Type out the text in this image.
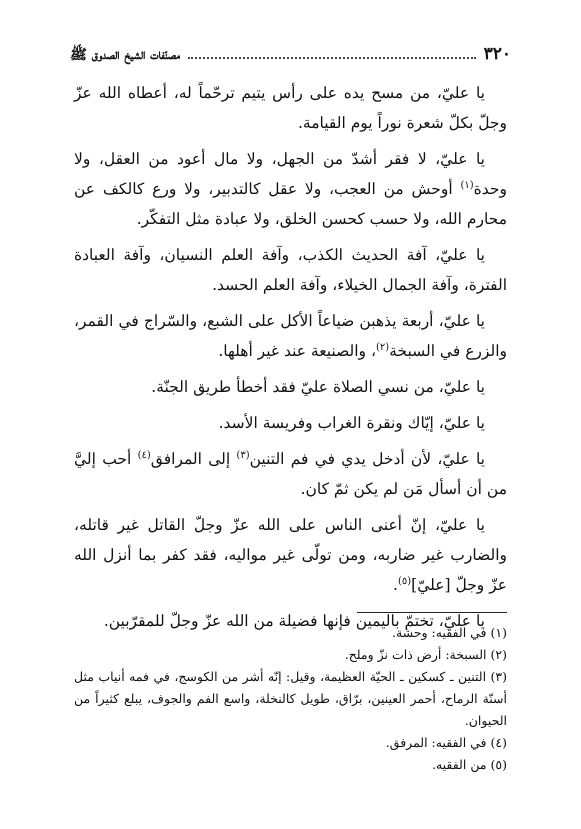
٣٢٠
مصنّفات الشيخ الصدوق ﷺ

يا عليّ، من مسح يده على رأس يتيم ترحّماً له، أعطاه الله عزّ وجلّ بكلّ شعرة نوراً يوم القيامة.

يا عليّ، لا فقر أشدّ من الجهل، ولا مال أعود من العقل، ولا وحدة$^{(١)}$ أوحش من العجب، ولا عقل كالتدبير، ولا ورع كالكف عن محارم الله، ولا حسب كحسن الخلق، ولا عبادة مثل التفكّر.

يا عليّ، آفة الحديث الكذب، وآفة العلم النسيان، وآفة العبادة الفترة، وآفة الجمال الخيلاء، وآفة العلم الحسد.

يا عليّ، أربعة يذهبن ضياعاً الأكل على الشبع، والسّراج في القمر، والزرع في السبخة$^{(٢)}$، والصنيعة عند غير أهلها.

يا عليّ، من نسي الصلاة عليّ فقد أخطأ طريق الجنّة.

يا عليّ، إيّاك ونقرة الغراب وفريسة الأسد.

يا عليّ، لأن أدخل يدي في فم التنين$^{(٣)}$ إلى المرافق$^{(٤)}$ أحب إليَّ من أن أسأل مَن لم يكن ثمّ كان.

يا عليّ، إنّ أعنى الناس على الله عزّ وجلّ القاتل غير قاتله، والضارب غير ضاربه، ومن تولّى غير مواليه، فقد كفر بما أنزل الله عزّ وجلّ [عليّ]$^{(٥)}$.

يا عليّ، تختمّ باليمين فإنها فضيلة من الله عزّ وجلّ للمقرّبين.

(١) في الفقيه: وحشة.

(٢) السبخة: أرض ذات نزّ وملح.

(٣) التنين ـ كسكين ـ الحيّة العظيمة، وقيل: إنّه أشر من الكوسج، في فمه أنياب مثل أسنّة الرماح، أحمر العينين، برّاق، طويل كالنخلة، واسع الفم والجوف، يبلع كثيراً من الحيوان.

(٤) في الفقيه: المرفق.

(٥) من الفقيه.
